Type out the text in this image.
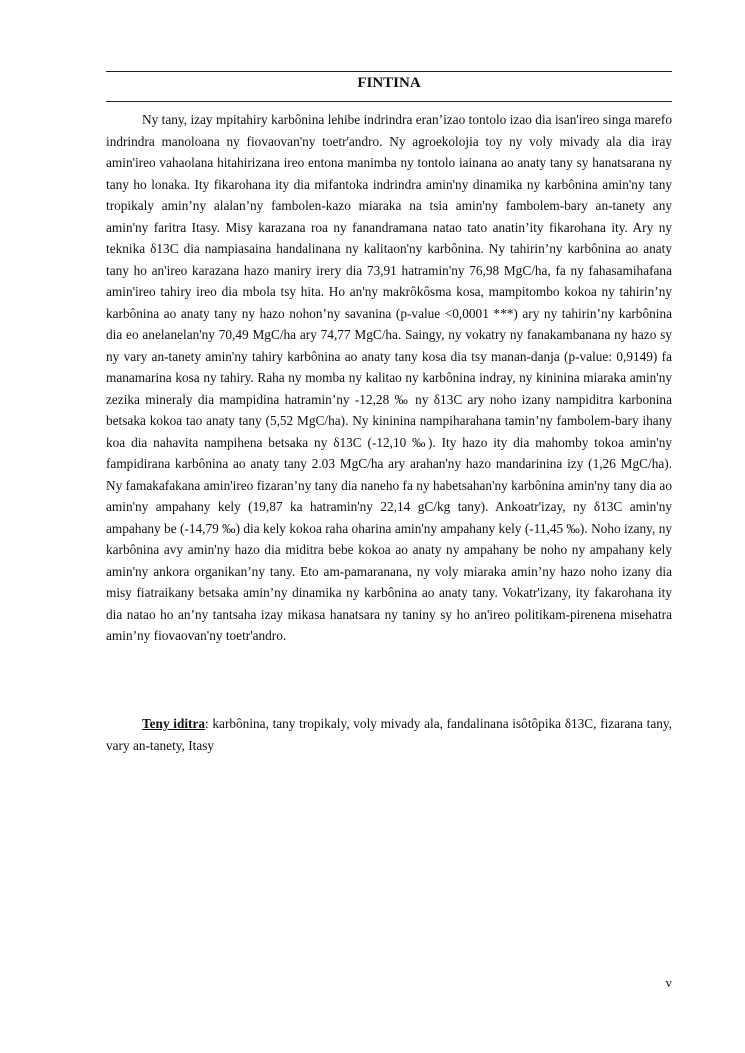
FINTINA

Ny tany, izay mpitahiry karbônina lehibe indrindra eran’izao tontolo izao dia isan'ireo singa marefo indrindra manoloana ny fiovaovan'ny toetr'andro. Ny agroekolojia toy ny voly mivady ala dia iray amin'ireo vahaolana hitahirizana ireo entona manimba ny tontolo iainana ao anaty tany sy hanatsarana ny tany ho lonaka. Ity fikarohana ity dia mifantoka indrindra amin'ny dinamika ny karbônina amin'ny tany tropikaly amin’ny alalan’ny fambolen-kazo miaraka na tsia amin'ny fambolem-bary an-tanety any amin'ny faritra Itasy. Misy karazana roa ny fanandramana natao tato anatin’ity fikarohana ity. Ary ny teknika δ13C dia nampiasaina handalinana ny kalitaon'ny karbônina. Ny tahirin’ny karbônina ao anaty tany ho an'ireo karazana hazo maniry irery dia 73,91 hatramin'ny 76,98 MgC/ha, fa ny fahasamihafana amin'ireo tahiry ireo dia mbola tsy hita. Ho an'ny makrôkôsma kosa, mampitombo kokoa ny tahirin’ny karbônina ao anaty tany ny hazo nohon’ny savanina (p-value <0,0001 ***) ary ny tahirin’ny karbônina dia eo anelanelan'ny 70,49 MgC/ha ary 74,77 MgC/ha. Saingy, ny vokatry ny fanakambanana ny hazo sy ny vary an-tanety amin'ny tahiry karbônina ao anaty tany kosa dia tsy manan-danja (p-value: 0,9149) fa manamarina kosa ny tahiry. Raha ny momba ny kalitao ny karbônina indray, ny kininina miaraka amin'ny zezika mineraly dia mampidina hatramin’ny -12,28 ‰ ny δ13C ary noho izany nampiditra karbonina betsaka kokoa tao anaty tany (5,52 MgC/ha). Ny kininina nampiharahana tamin’ny fambolem-bary ihany koa dia nahavita nampihena betsaka ny δ13C (-12,10 ‰). Ity hazo ity dia mahomby tokoa amin'ny fampidirana karbônina ao anaty tany 2.03 MgC/ha ary arahan'ny hazo mandarinina izy (1,26 MgC/ha). Ny famakafakana amin'ireo fizaran’ny tany dia naneho fa ny habetsahan'ny karbônina amin'ny tany dia ao amin'ny ampahany kely (19,87 ka hatramin'ny 22,14 gC/kg tany). Ankoatr'izay, ny δ13C amin'ny ampahany be (-14,79 ‰) dia kely kokoa raha oharina amin'ny ampahany kely (-11,45 ‰). Noho izany, ny karbônina avy amin'ny hazo dia miditra bebe kokoa ao anaty ny ampahany be noho ny ampahany kely amin'ny ankora organikan’ny tany. Eto am-pamaranana, ny voly miaraka amin’ny hazo noho izany dia misy fiatraikany betsaka amin’ny dinamika ny karbônina ao anaty tany. Vokatr'izany, ity fakarohana ity dia natao ho an’ny tantsaha izay mikasa hanatsara ny taniny sy ho an'ireo politikam-pirenena misehatra amin’ny fiovaovan'ny toetr'andro.

Teny iditra: karbônina, tany tropikaly, voly mivady ala, fandalinana isôtôpika δ13C, fizarana tany, vary an-tanety, Itasy

v
